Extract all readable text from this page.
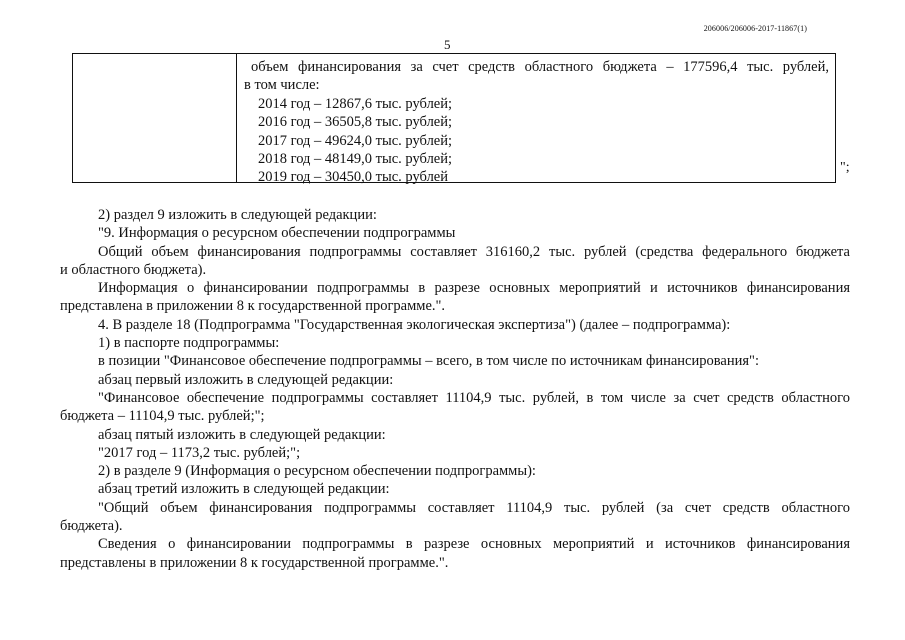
206006/206006-2017-11867(1)
5
объем финансирования за счет средств областного бюджета – 177596,4 тыс. рублей,
в том числе:
2014 год – 12867,6 тыс. рублей;
2016 год – 36505,8 тыс. рублей;
2017 год – 49624,0 тыс. рублей;
2018 год – 48149,0 тыс. рублей;
2019 год – 30450,0 тыс. рублей
";

2) раздел 9 изложить в следующей редакции:

"9. Информация о ресурсном обеспечении подпрограммы

Общий объем финансирования подпрограммы составляет 316160,2 тыс. рублей (средства федерального бюджета

и областного бюджета).

Информация о финансировании подпрограммы в разрезе основных мероприятий и источников финансирования

представлена в приложении 8 к государственной программе.".

4. В разделе 18 (Подпрограмма "Государственная экологическая экспертиза") (далее – подпрограмма):

1) в паспорте подпрограммы:

в позиции "Финансовое обеспечение подпрограммы – всего, в том числе по источникам финансирования":

абзац первый изложить в следующей редакции:

"Финансовое обеспечение подпрограммы составляет 11104,9 тыс. рублей, в том числе за счет средств областного

бюджета – 11104,9 тыс. рублей;";

абзац пятый изложить в следующей редакции:

"2017 год – 1173,2 тыс. рублей;";

2) в разделе 9 (Информация о ресурсном обеспечении подпрограммы):

абзац третий изложить в следующей редакции:

"Общий объем финансирования подпрограммы составляет 11104,9 тыс. рублей (за счет средств областного

бюджета).

Сведения о финансировании подпрограммы в разрезе основных мероприятий и источников финансирования

представлены в приложении 8 к государственной программе.".
